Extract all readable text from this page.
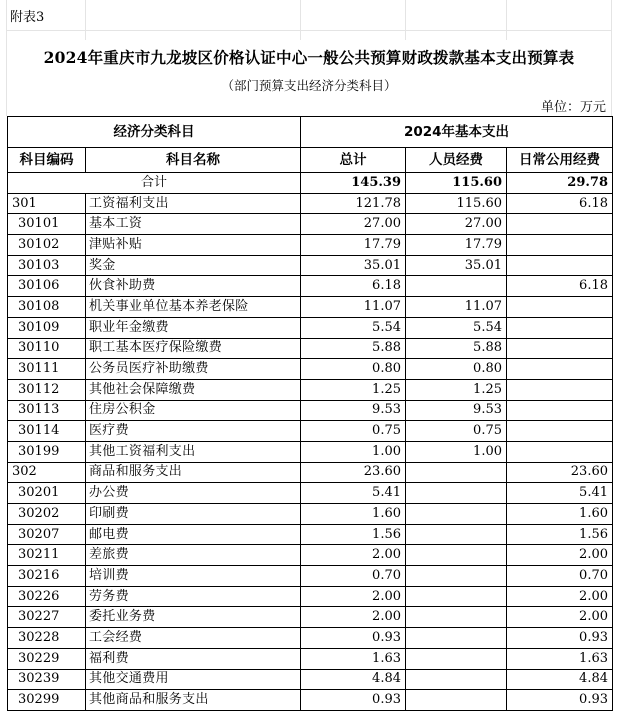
附表3
2024年重庆市九龙坡区价格认证中心一般公共预算财政拨款基本支出预算表
（部门预算支出经济分类科目）
单位：万元
经济分类科目		2024年基本支出		
科目编码	科目名称	总计	人员经费	日常公用经费
合计		145.39	115.60	29.78
301	工资福利支出	121.78	115.60	6.18
30101	基本工资	27.00	27.00	
30102	津贴补贴	17.79	17.79	
30103	奖金	35.01	35.01	
30106	伙食补助费	6.18		6.18
30108	机关事业单位基本养老保险	11.07	11.07	
30109	职业年金缴费	5.54	5.54	
30110	职工基本医疗保险缴费	5.88	5.88	
30111	公务员医疗补助缴费	0.80	0.80	
30112	其他社会保障缴费	1.25	1.25	
30113	住房公积金	9.53	9.53	
30114	医疗费	0.75	0.75	
30199	其他工资福利支出	1.00	1.00	
302	商品和服务支出	23.60		23.60
30201	办公费	5.41		5.41
30202	印刷费	1.60		1.60
30207	邮电费	1.56		1.56
30211	差旅费	2.00		2.00
30216	培训费	0.70		0.70
30226	劳务费	2.00		2.00
30227	委托业务费	2.00		2.00
30228	工会经费	0.93		0.93
30229	福利费	1.63		1.63
30239	其他交通费用	4.84		4.84
30299	其他商品和服务支出	0.93		0.93
